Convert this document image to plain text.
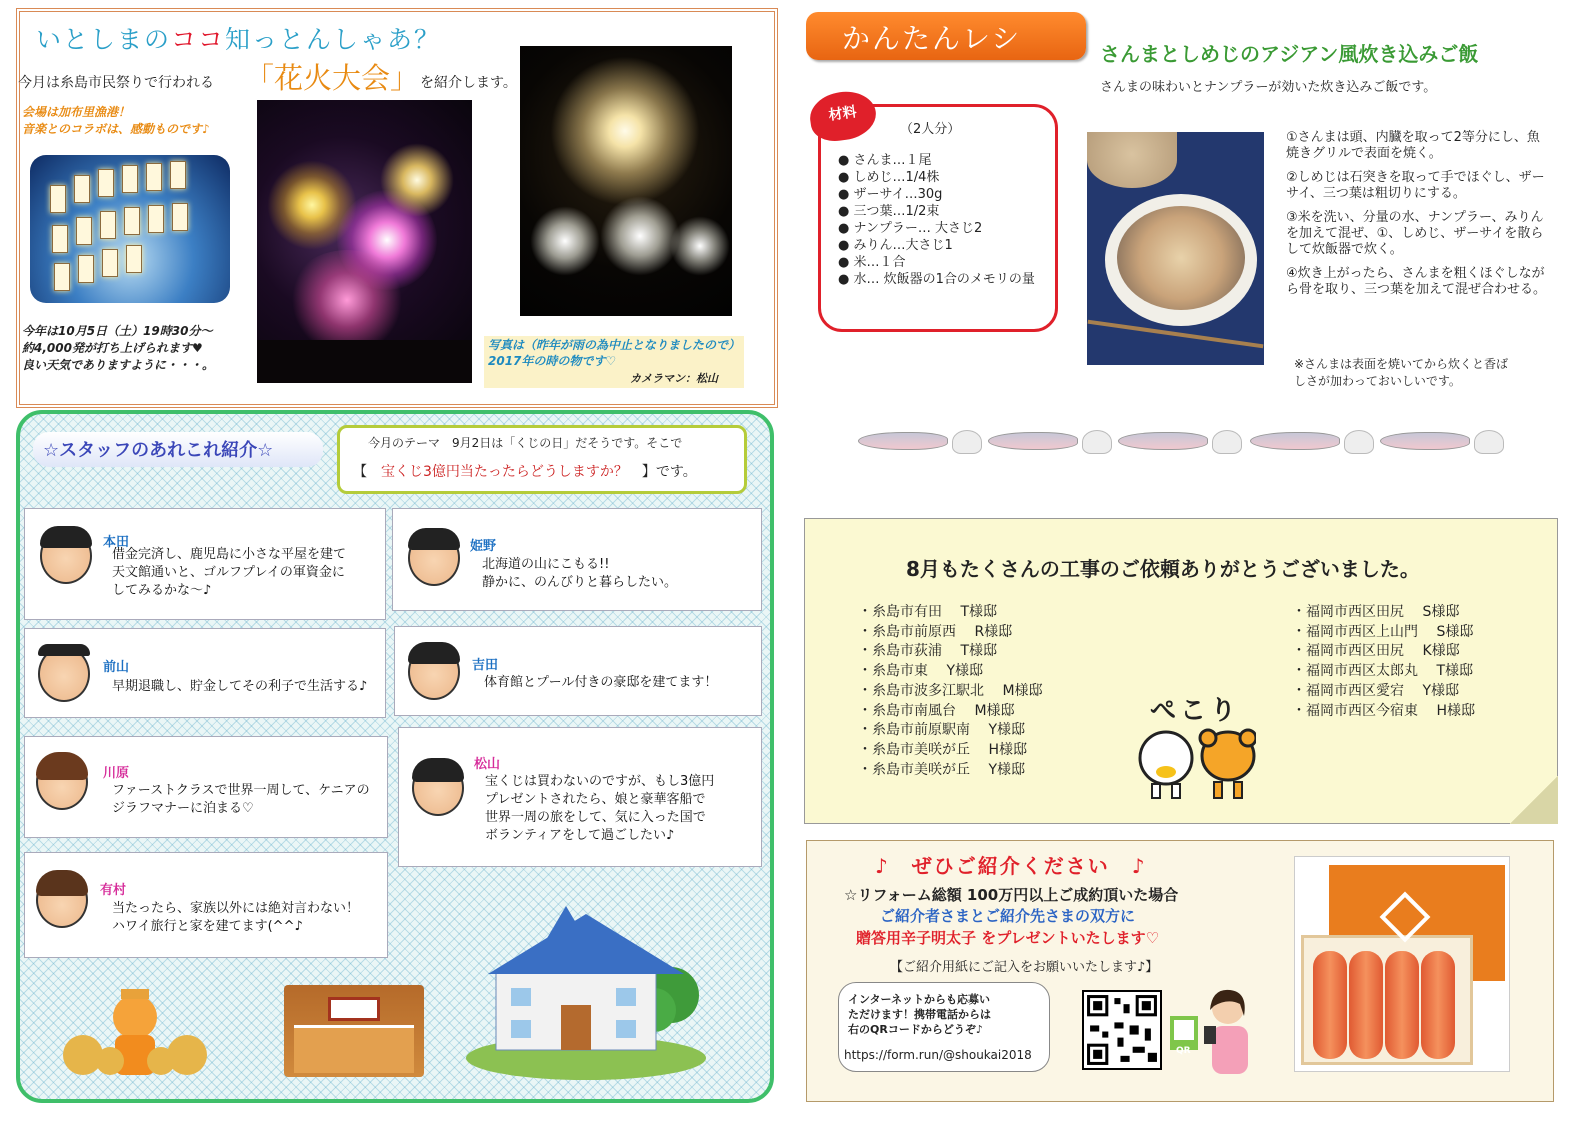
いとしまのココ知っとんしゃあ？
今月は糸島市民祭りで行われる 「花火大会」 を紹介します。
会場は加布里漁港！
音楽とのコラボは、感動ものです♪
今年は10月5日（土）19時30分～
約4,000発が打ち上げられます♥
良い天気でありますように・・・。
写真は（昨年が雨の為中止となりましたので）
2017年の時の物です♡
カメラマン：松山
☆スタッフのあれこれ紹介☆	今月のテーマ　9月2日は「くじの日」だそうです。そこで
【　 宝くじ3億円当たったらどうしますか？　 】です。
本田
借金完済し、鹿児島に小さな平屋を建て
天文館通いと、ゴルフプレイの軍資金に
してみるかな～♪
姫野
北海道の山にこもる!!
静かに、のんびりと暮らしたい。
前山
早期退職し、貯金してその利子で生活する♪
吉田
体育館とプール付きの豪邸を建てます！
川原
ファーストクラスで世界一周して、ケニアの
ジラフマナーに泊まる♡
松山
宝くじは買わないのですが、もし3億円
プレゼントされたら、娘と豪華客船で
世界一周の旅をして、気に入った国で
ボランティアをして過ごしたい♪
有村
当たったら、家族以外には絶対言わない！
ハワイ旅行と家を建てます(^^♪
かんたんレシピ
さんまとしめじのアジアン風炊き込みご飯
さんまの味わいとナンプラーが効いた炊き込みご飯です。
材料
（2人分）
● さんま…１尾
● しめじ…1/4株
● ザーサイ…30g
● 三つ葉…1/2束
● ナンプラー… 大さじ2
● みりん…大さじ1
● 米…１合
● 水… 炊飯器の1合のメモリの量

①さんまは頭、内臓を取って2等分にし、魚焼きグリルで表面を焼く。

②しめじは石突きを取って手でほぐし、ザーサイ、三つ葉は粗切りにする。

③米を洗い、分量の水、ナンプラー、みりんを加えて混ぜ、①、しめじ、ザーサイを散らして炊飯器で炊く。

④炊き上がったら、さんまを粗くほぐしながら骨を取り、三つ葉を加えて混ぜ合わせる。

※さんまは表面を焼いてから炊くと香ば
しさが加わっておいしいです。
8月もたくさんの工事のご依頼ありがとうございました。
・糸島市有田　 T様邸
・糸島市前原西　 R様邸
・糸島市荻浦　 T様邸
・糸島市東　 Y様邸
・糸島市波多江駅北　 M様邸
・糸島市南風台　 M様邸
・糸島市前原駅南　 Y様邸
・糸島市美咲が丘　 H様邸
・糸島市美咲が丘　 Y様邸
・福岡市西区田尻　 S様邸
・福岡市西区上山門　 S様邸
・福岡市西区田尻　 K様邸
・福岡市西区太郎丸　 T様邸
・福岡市西区愛宕　 Y様邸
・福岡市西区今宿東　 H様邸
ぺこり
♪　ぜひご紹介ください　♪
☆リフォーム総額 100万円以上ご成約頂いた場合
ご紹介者さまとご紹介先さまの双方に
贈答用辛子明太子 をプレゼントいたします♡
【ご紹介用紙にご記入をお願いいたします♪】
インターネットからも応募い
ただけます！携帯電話からは
右のQRコードからどうぞ♪
https://form.run/@shoukai2018	QR
